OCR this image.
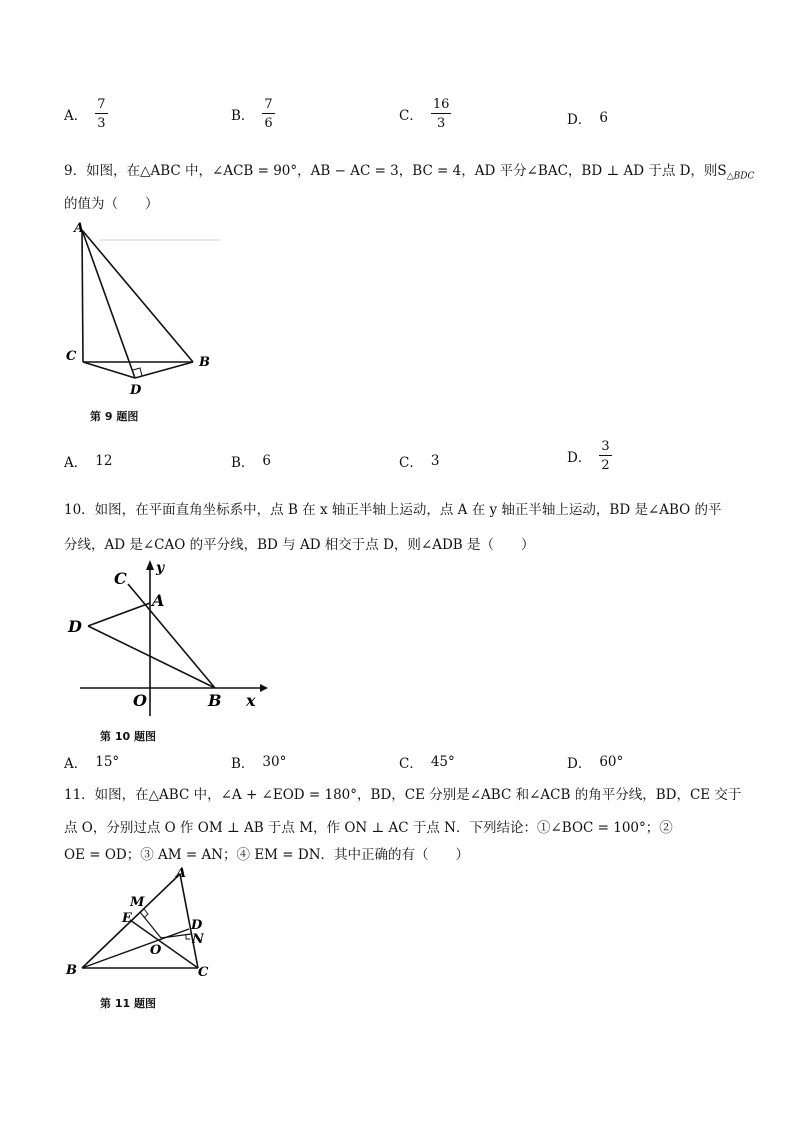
A． $\frac{7}{3}$	B． $\frac{7}{6}$	C． $\frac{16}{3}$	D． 6
9．如图，在△ABC 中，∠ACB = 90°，AB − AC = 3，BC = 4，AD 平分∠BAC，BD ⊥ AD 于点 D，则$S_{\triangle BDC}$
的值为（　　）
A
C	B
D
第 9 题图
A． 12	B． 6	C． 3	D． $\frac{3}{2}$
10．如图，在平面直角坐标系中，点 B 在 x 轴正半轴上运动，点 A 在 y 轴正半轴上运动，BD 是∠ABO 的平
分线，AD 是∠CAO 的平分线，BD 与 AD 相交于点 D，则∠ADB 是（　　）
C
y
A
D
O	B x
第 10 题图
A． 15°	B． 30°	C． 45°	D． 60°
11．如图，在△ABC 中，∠A + ∠EOD = 180°，BD，CE 分别是∠ABC 和∠ACB 的角平分线，BD，CE 交于
点 O，分别过点 O 作 OM ⊥ AB 于点 M，作 ON ⊥ AC 于点 N．下列结论：①∠BOC = 100°；②
OE = OD；③ AM = AN；④ EM = DN．其中正确的有（　　）
A
M
E	D
N
O
B	C
第 11 题图
